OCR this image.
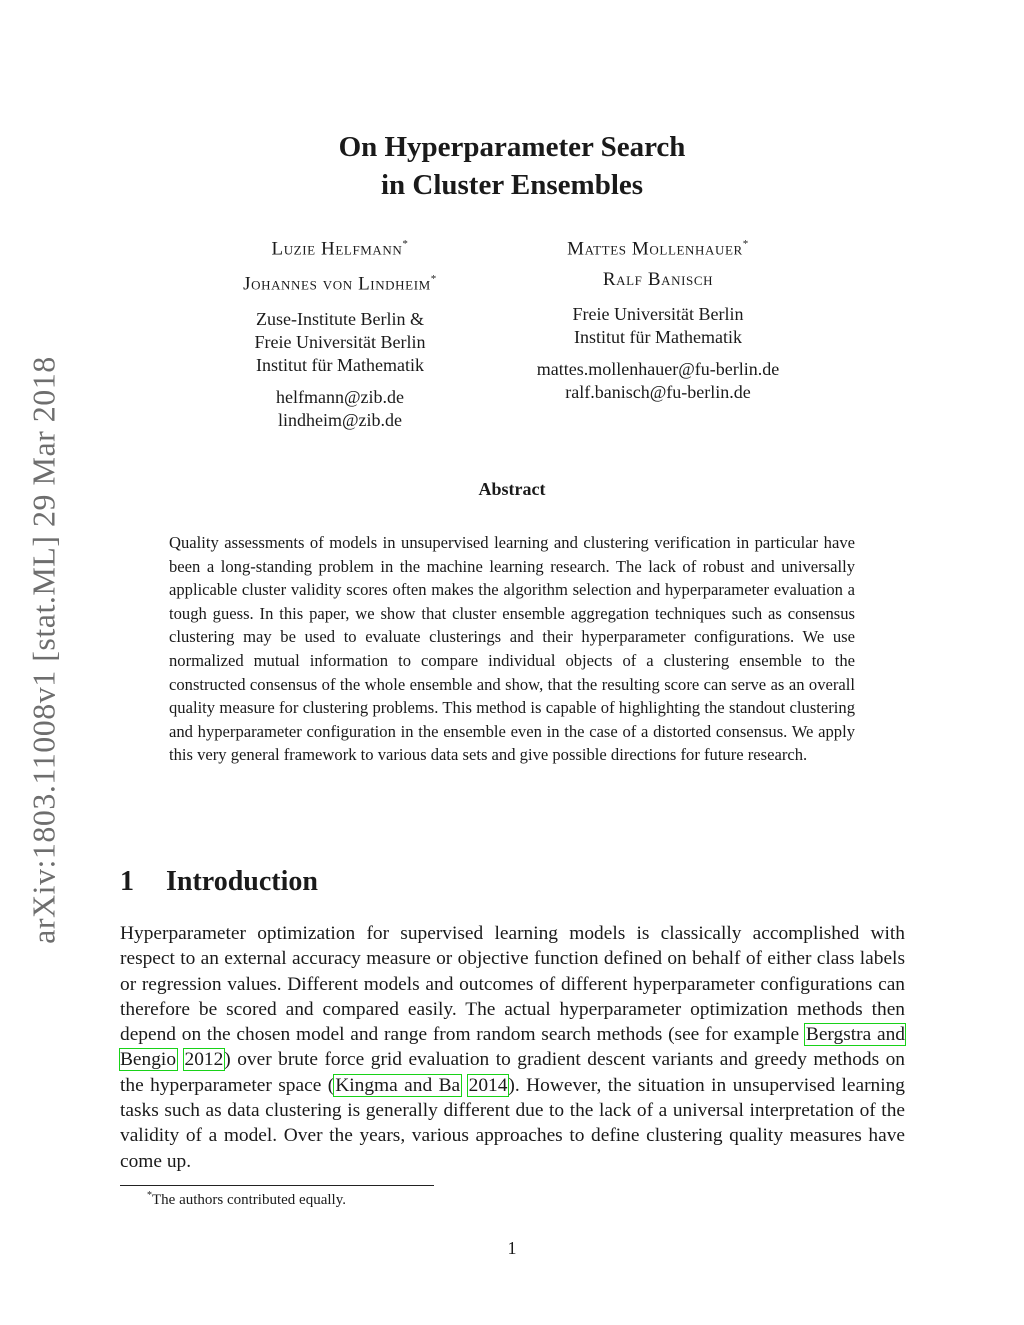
arXiv:1803.11008v1 [stat.ML] 29 Mar 2018
On Hyperparameter Search
in Cluster Ensembles
Luzie Helfmann*
Johannes von Lindheim*
Zuse-Institute Berlin &
Freie Universität Berlin
Institut für Mathematik
helfmann@zib.de
lindheim@zib.de
Mattes Mollenhauer*
Ralf Banisch
Freie Universität Berlin
Institut für Mathematik
mattes.mollenhauer@fu-berlin.de
ralf.banisch@fu-berlin.de
Abstract
Quality assessments of models in unsupervised learning and clustering verification in particular have been a long-standing problem in the machine learning research. The lack of robust and universally applicable cluster validity scores often makes the algorithm selection and hyperparameter evaluation a tough guess. In this paper, we show that cluster ensemble aggregation techniques such as consensus clustering may be used to evaluate clusterings and their hyperparameter configurations. We use normalized mutual information to compare individual objects of a clustering ensemble to the constructed consensus of the whole ensemble and show, that the resulting score can serve as an overall quality measure for clustering problems. This method is capable of highlighting the standout clustering and hyperparameter configuration in the ensemble even in the case of a distorted consensus. We apply this very general framework to various data sets and give possible directions for future research.
1 Introduction
Hyperparameter optimization for supervised learning models is classically accomplished with respect to an external accuracy measure or objective function defined on behalf of either class labels or regression values. Different models and outcomes of different hyperparameter configurations can therefore be scored and compared easily. The actual hyperparameter optimization methods then depend on the chosen model and range from random search methods (see for example Bergstra and Bengio 2012) over brute force grid evaluation to gradient descent variants and greedy methods on the hyperparameter space (Kingma and Ba 2014). However, the situation in unsupervised learning tasks such as data clustering is generally different due to the lack of a universal interpretation of the validity of a model. Over the years, various approaches to define clustering quality measures have come up.
*The authors contributed equally.
1
